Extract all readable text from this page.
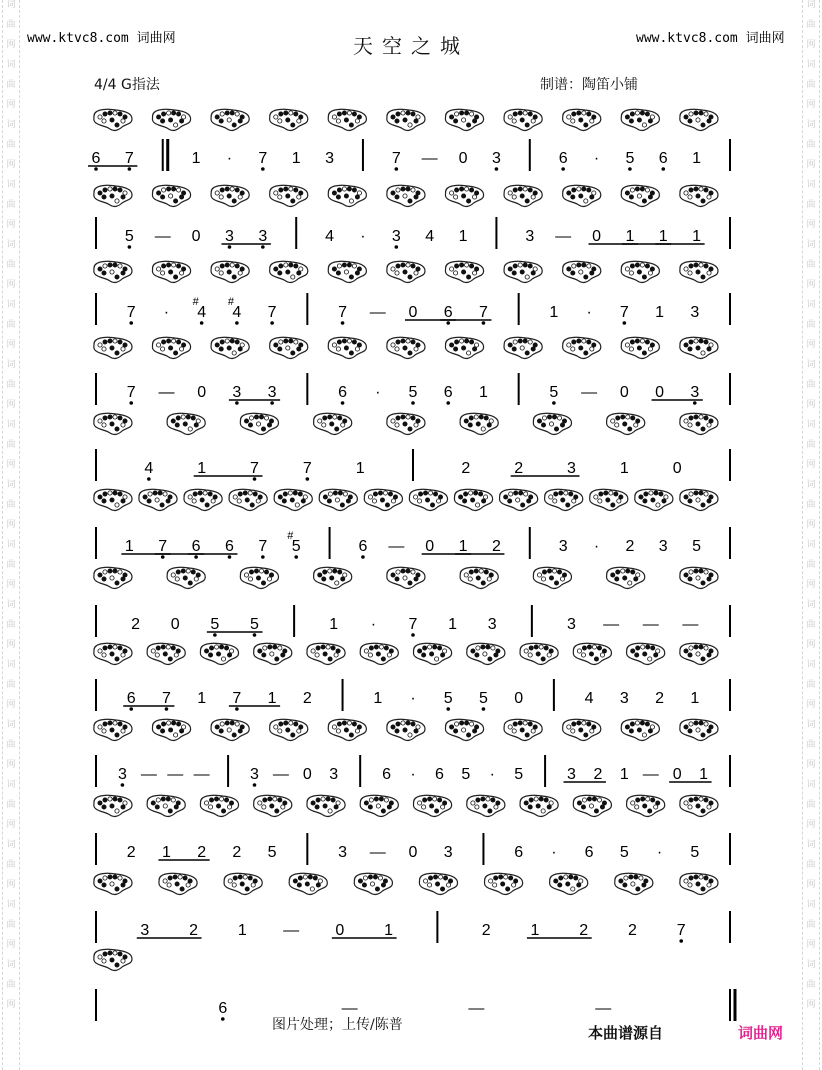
词
曲
网
词
曲
网
词
曲
网
词
曲
网
词
曲
网
词
曲
网
词
曲
网
词
曲
网
词
曲
网
词
曲
网
词
曲
网
词
曲
网
词
曲
网
词
曲
网
词
曲
网
词
曲
网
词
曲
网
词
曲
网
词
曲
网
词
曲
网
词
曲
网
词
曲
网
词
曲
网
词
曲
网
词
曲
网
词
曲
网
词
曲
网
词
曲
网
词
曲
网
词
曲
网
词
曲
网
词
曲
网
词
曲
网
词
曲
网
www.ktvc8.com 词曲网	www.ktvc8.com 词曲网
天空之城
4/4 G指法	制谱：陶笛小铺
6 7	1 · 7 1 3	7 — 0 3	6 · 5 6 1
5 — 0 3 3	4 · 3 4 1	3 — 0 1 1 1
7 · 4
#
4
#
7	7 — 0 6 7	1 · 7 1 3
7 — 0 3 3	6 · 5 6 1	5 — 0 0 3
4	1	7	7	1	2	2	3	1	0
1 7 6 6 7 5
#
6 — 0 1 2	3 · 2 3 5
2 0 5 5	1 · 7 1 3	3 — — —
6 7 1 7 1 2	1 · 5 5 0	4 3 2 1
3 — — —	3 — 0 3	6 · 6 5 · 5	3 2 1 — 0 1
2 1 2 2 5	3 — 0 3	6 · 6 5 · 5
3 2 1 — 0 1	2 1 2 2 7
6	—	—	—
图片处理；上传/陈普	本曲谱源自	词曲网
